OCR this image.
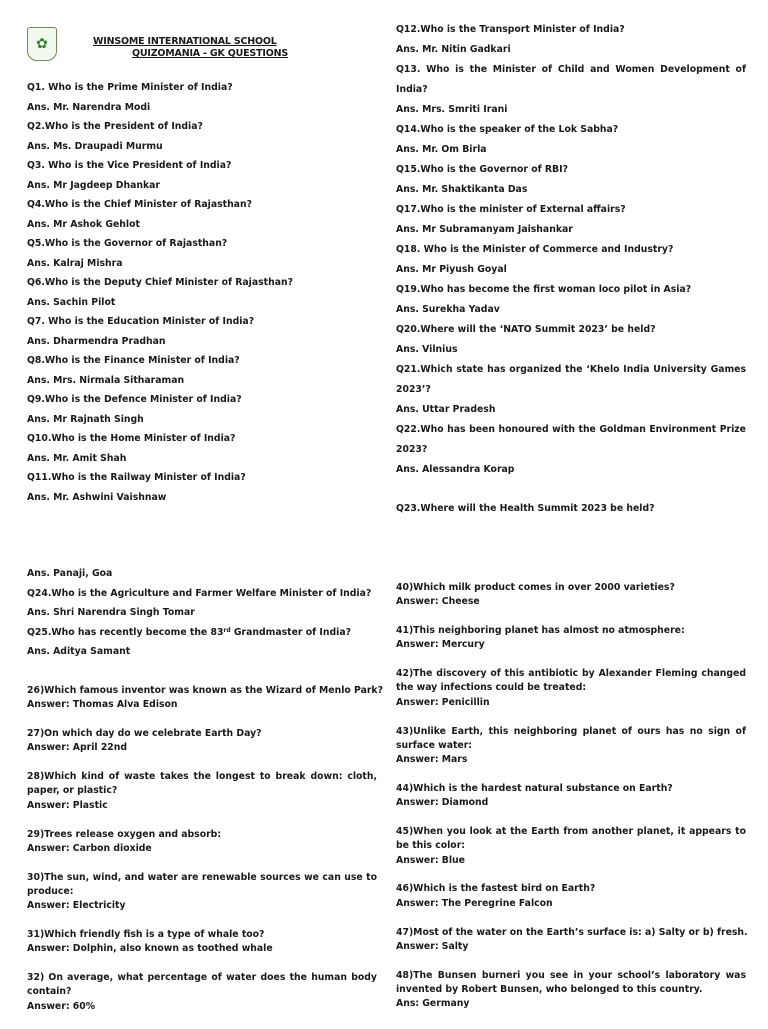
✿	WINSOME INTERNATIONAL SCHOOL
QUIZOMANIA - GK QUESTIONS
Q1. Who is the Prime Minister of India?
Ans. Mr. Narendra Modi
Q2.Who is the President of India?
Ans. Ms. Draupadi Murmu
Q3. Who is the Vice President of India?
Ans. Mr Jagdeep Dhankar
Q4.Who is the Chief Minister of Rajasthan?
Ans. Mr Ashok Gehlot
Q5.Who is the Governor of Rajasthan?
Ans. Kalraj Mishra
Q6.Who is the Deputy Chief Minister of Rajasthan?
Ans. Sachin Pilot
Q7. Who is the Education Minister of India?
Ans. Dharmendra Pradhan
Q8.Who is the Finance Minister of India?
Ans. Mrs. Nirmala Sitharaman
Q9.Who is the Defence Minister of India?
Ans. Mr Rajnath Singh
Q10.Who is the Home Minister of India?
Ans. Mr. Amit Shah
Q11.Who is the Railway Minister of India?
Ans. Mr. Ashwini Vaishnaw
Q12.Who is the Transport Minister of India?
Ans. Mr. Nitin Gadkari
Q13. Who is the Minister of Child and Women Development of
India?
Ans. Mrs. Smriti Irani
Q14.Who is the speaker of the Lok Sabha?
Ans. Mr. Om Birla
Q15.Who is the Governor of RBI?
Ans. Mr. Shaktikanta Das
Q17.Who is the minister of External affairs?
Ans. Mr Subramanyam Jaishankar
Q18. Who is the Minister of Commerce and Industry?
Ans. Mr Piyush Goyal
Q19.Who has become the first woman loco pilot in Asia?
Ans. Surekha Yadav
Q20.Where will the ‘NATO Summit 2023’ be held?
Ans. Vilnius
Q21.Which state has organized the ‘Khelo India University Games
2023’?
Ans. Uttar Pradesh
Q22.Who has been honoured with the Goldman Environment Prize
2023?
Ans. Alessandra Korap
Q23.Where will the Health Summit 2023 be held?
Ans. Panaji, Goa
Q24.Who is the Agriculture and Farmer Welfare Minister of India?
Ans. Shri Narendra Singh Tomar
Q25.Who has recently become the 83rd Grandmaster of India?
Ans. Aditya Samant
26)Which famous inventor was known as the Wizard of Menlo Park?
Answer: Thomas Alva Edison
27)On which day do we celebrate Earth Day?
Answer: April 22nd
28)Which kind of waste takes the longest to break down: cloth,
paper, or plastic?
Answer: Plastic
29)Trees release oxygen and absorb:
Answer: Carbon dioxide
30)The sun, wind, and water are renewable sources we can use to
produce:
Answer: Electricity
31)Which friendly fish is a type of whale too?
Answer: Dolphin, also known as toothed whale
32) On average, what percentage of water does the human body
contain?
Answer: 60%
40)Which milk product comes in over 2000 varieties?
Answer: Cheese
41)This neighboring planet has almost no atmosphere:
Answer: Mercury
42)The discovery of this antibiotic by Alexander Fleming changed
the way infections could be treated:
Answer: Penicillin
43)Unlike Earth, this neighboring planet of ours has no sign of
surface water:
Answer: Mars
44)Which is the hardest natural substance on Earth?
Answer: Diamond
45)When you look at the Earth from another planet, it appears to
be this color:
Answer: Blue
46)Which is the fastest bird on Earth?
Answer: The Peregrine Falcon
47)Most of the water on the Earth’s surface is: a) Salty or b) fresh.
Answer: Salty
48)The Bunsen burneri you see in your school’s laboratory was
invented by Robert Bunsen, who belonged to this country.
Ans: Germany
